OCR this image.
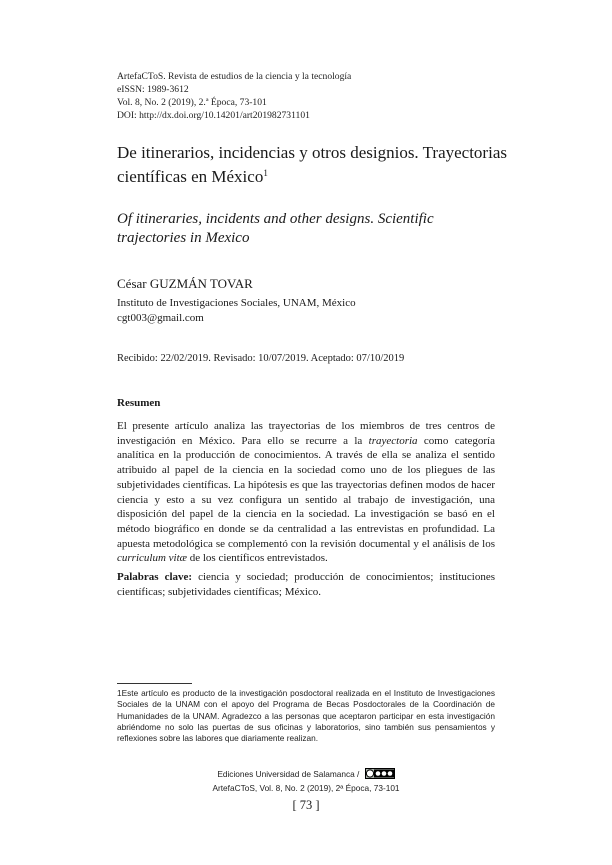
ArtefaCToS. Revista de estudios de la ciencia y la tecnología
eISSN: 1989-3612
Vol. 8, No. 2 (2019), 2.ª Época, 73-101
DOI: http://dx.doi.org/10.14201/art201982731101
De itinerarios, incidencias y otros designios. Trayectorias científicas en México$^1$
Of itineraries, incidents and other designs. Scientific trajectories in Mexico
César GUZMÁN TOVAR
Instituto de Investigaciones Sociales, UNAM, México
cgt003@gmail.com
Recibido: 22/02/2019. Revisado: 10/07/2019. Aceptado: 07/10/2019
Resumen
El presente artículo analiza las trayectorias de los miembros de tres centros de investigación en México. Para ello se recurre a la trayectoria como categoría analítica en la producción de conocimientos. A través de ella se analiza el sentido atribuido al papel de la ciencia en la sociedad como uno de los pliegues de las subjetividades científicas. La hipótesis es que las trayectorias definen modos de hacer ciencia y esto a su vez configura un sentido al trabajo de investigación, una disposición del papel de la ciencia en la sociedad. La investigación se basó en el método biográfico en donde se da centralidad a las entrevistas en profundidad. La apuesta metodológica se complementó con la revisión documental y el análisis de los curriculum vitæ de los científicos entrevistados.
Palabras clave: ciencia y sociedad; producción de conocimientos; instituciones científicas; subjetividades científicas; México.
1Este artículo es producto de la investigación posdoctoral realizada en el Instituto de Investigaciones Sociales de la UNAM con el apoyo del Programa de Becas Posdoctorales de la Coordinación de Humanidades de la UNAM. Agradezco a las personas que aceptaron participar en esta investigación abriéndome no solo las puertas de sus oficinas y laboratorios, sino también sus pensamientos y reflexiones sobre las labores que diariamente realizan.
Ediciones Universidad de Salamanca /
ArtefaCToS, Vol. 8, No. 2 (2019), 2ª Época, 73-101
[ 73 ]
